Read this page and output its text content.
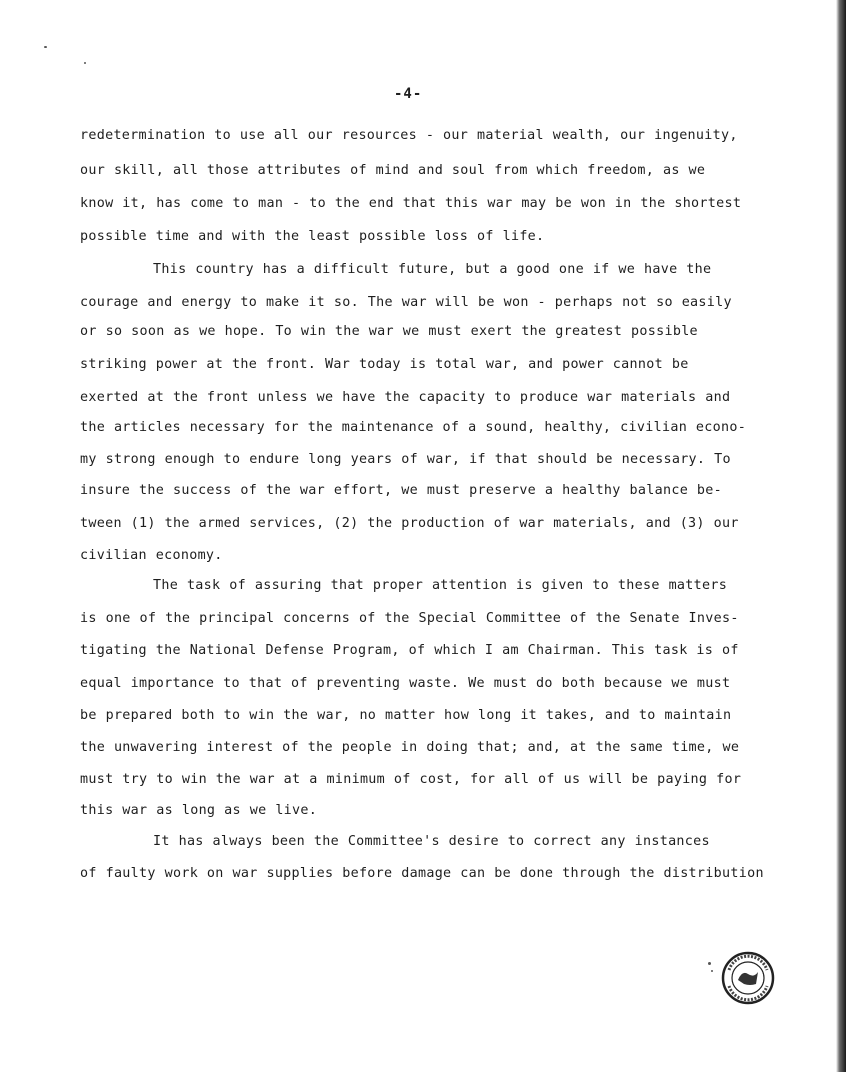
-4-
redetermination to use all our resources - our material wealth, our ingenuity,
our skill, all those attributes of mind and soul from which freedom, as we
know it, has come to man - to the end that this war may be won in the shortest
possible time and with the least possible loss of life.
This country has a difficult future, but a good one if we have the
courage and energy to make it so. The war will be won - perhaps not so easily
or so soon as we hope. To win the war we must exert the greatest possible
striking power at the front. War today is total war, and power cannot be
exerted at the front unless we have the capacity to produce war materials and
the articles necessary for the maintenance of a sound, healthy, civilian econo-
my strong enough to endure long years of war, if that should be necessary. To
insure the success of the war effort, we must preserve a healthy balance be-
tween (1) the armed services, (2) the production of war materials, and (3) our
civilian economy.
The task of assuring that proper attention is given to these matters
is one of the principal concerns of the Special Committee of the Senate Inves-
tigating the National Defense Program, of which I am Chairman. This task is of
equal importance to that of preventing waste. We must do both because we must
be prepared both to win the war, no matter how long it takes, and to maintain
the unwavering interest of the people in doing that; and, at the same time, we
must try to win the war at a minimum of cost, for all of us will be paying for
this war as long as we live.
It has always been the Committee's desire to correct any instances
of faulty work on war supplies before damage can be done through the distribution
